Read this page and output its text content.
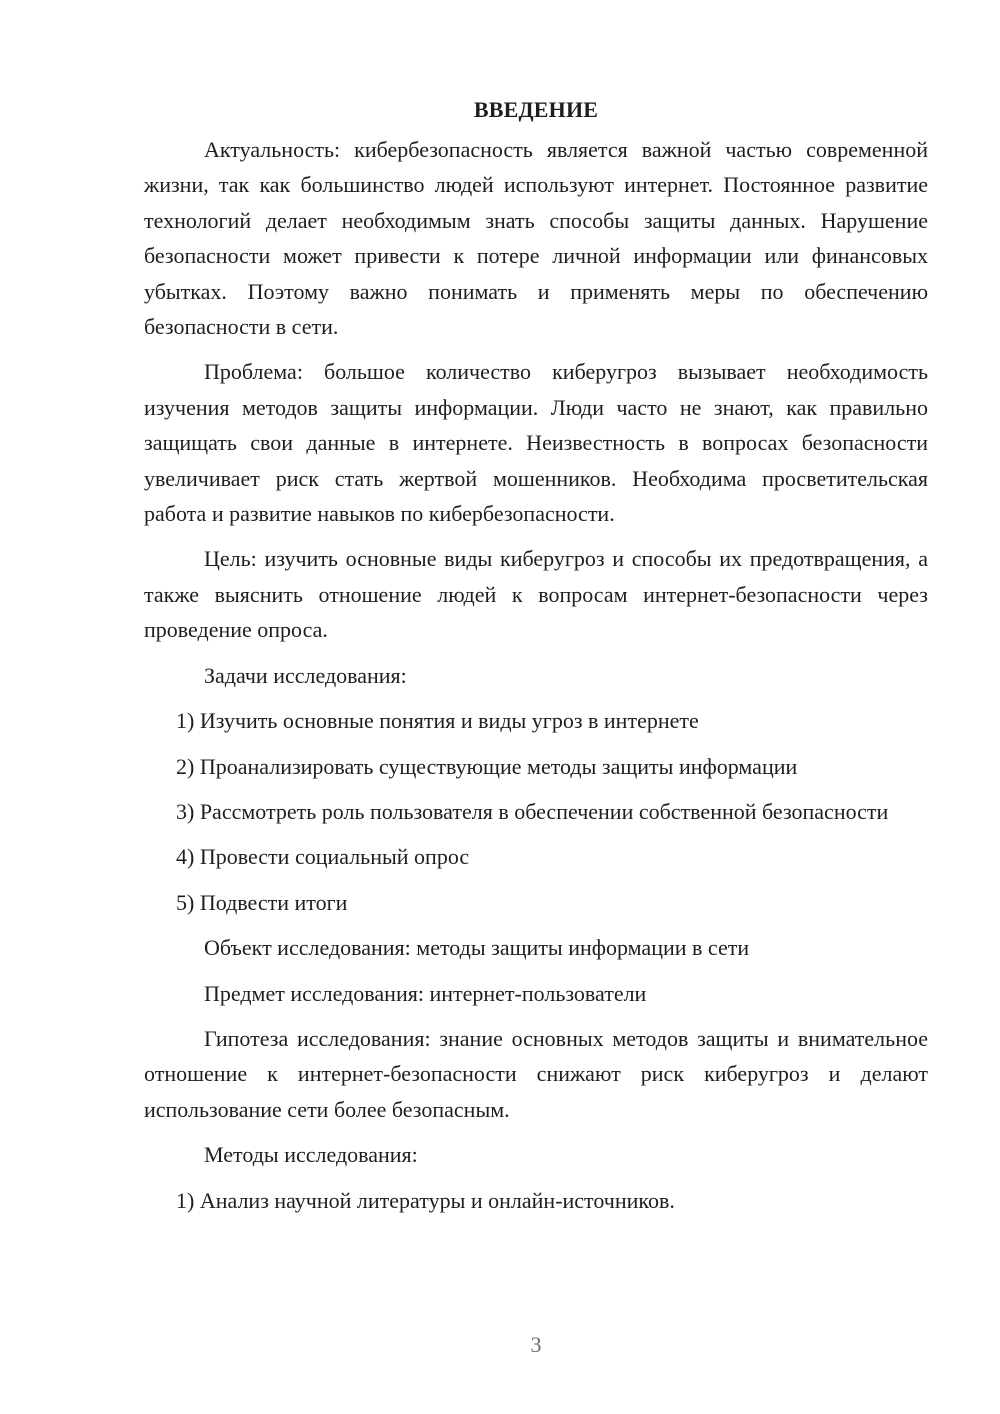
ВВЕДЕНИЕ

Актуальность: кибербезопасность является важной частью современной жизни, так как большинство людей используют интернет. Постоянное развитие технологий делает необходимым знать способы защиты данных. Нарушение безопасности может привести к потере личной информации или финансовых убытках. Поэтому важно понимать и применять меры по обеспечению безопасности в сети.

Проблема: большое количество киберугроз вызывает необходимость изучения методов защиты информации. Люди часто не знают, как правильно защищать свои данные в интернете. Неизвестность в вопросах безопасности увеличивает риск стать жертвой мошенников. Необходима просветительская работа и развитие навыков по кибербезопасности.

Цель: изучить основные виды киберугроз и способы их предотвращения, а также выяснить отношение людей к вопросам интернет-безопасности через проведение опроса.

Задачи исследования:

1) Изучить основные понятия и виды угроз в интернете

2) Проанализировать существующие методы защиты информации

3) Рассмотреть роль пользователя в обеспечении собственной безопасности

4) Провести социальный опрос

5) Подвести итоги

Объект исследования: методы защиты информации в сети

Предмет исследования: интернет-пользователи

Гипотеза исследования: знание основных методов защиты и внимательное отношение к интернет-безопасности снижают риск киберугроз и делают использование сети более безопасным.

Методы исследования:

1) Анализ научной литературы и онлайн-источников.

3
